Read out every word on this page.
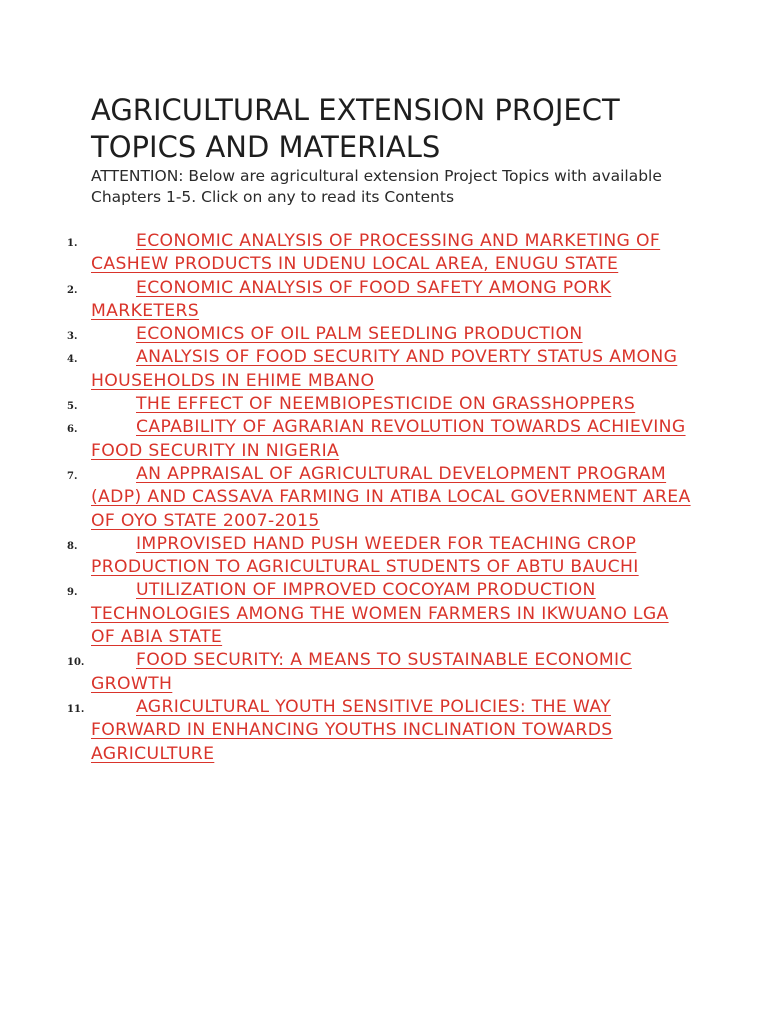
AGRICULTURAL EXTENSION PROJECT TOPICS AND MATERIALS

ATTENTION: Below are agricultural extension Project Topics with available Chapters 1-5. Click on any to read its Contents

1.	ECONOMIC ANALYSIS OF PROCESSING AND MARKETING OF CASHEW PRODUCTS IN UDENU LOCAL AREA, ENUGU STATE
2.	ECONOMIC ANALYSIS OF FOOD SAFETY AMONG PORK MARKETERS
3.	ECONOMICS OF OIL PALM SEEDLING PRODUCTION
4.	ANALYSIS OF FOOD SECURITY AND POVERTY STATUS AMONG HOUSEHOLDS IN EHIME MBANO
5.	THE EFFECT OF NEEMBIOPESTICIDE ON GRASSHOPPERS
6.	CAPABILITY OF AGRARIAN REVOLUTION TOWARDS ACHIEVING FOOD SECURITY IN NIGERIA
7.	AN APPRAISAL OF AGRICULTURAL DEVELOPMENT PROGRAM (ADP) AND CASSAVA FARMING IN ATIBA LOCAL GOVERNMENT AREA OF OYO STATE 2007-2015
8.	IMPROVISED HAND PUSH WEEDER FOR TEACHING CROP PRODUCTION TO AGRICULTURAL STUDENTS OF ABTU BAUCHI
9.	UTILIZATION OF IMPROVED COCOYAM PRODUCTION TECHNOLOGIES AMONG THE WOMEN FARMERS IN IKWUANO LGA OF ABIA STATE
10.	FOOD SECURITY: A MEANS TO SUSTAINABLE ECONOMIC GROWTH
11.	AGRICULTURAL YOUTH SENSITIVE POLICIES: THE WAY FORWARD IN ENHANCING YOUTHS INCLINATION TOWARDS AGRICULTURE
